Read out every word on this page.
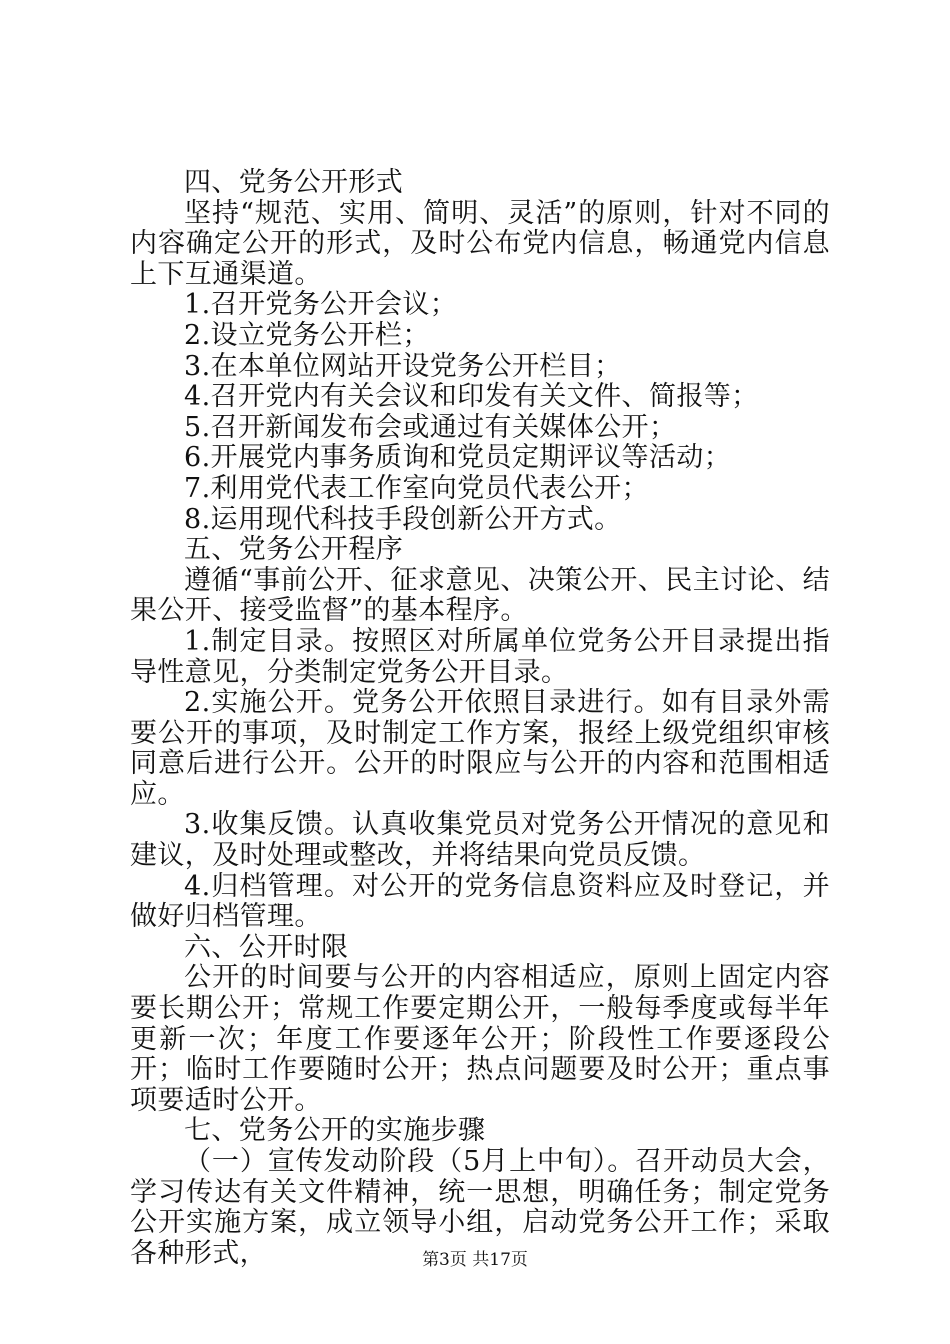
四、党务公开形式

坚持“规范、实用、简明、灵活”的原则，针对不同的内容确定公开的形式，及时公布党内信息，畅通党内信息上下互通渠道。

1.召开党务公开会议；

2.设立党务公开栏；

3.在本单位网站开设党务公开栏目；

4.召开党内有关会议和印发有关文件、简报等；

5.召开新闻发布会或通过有关媒体公开；

6.开展党内事务质询和党员定期评议等活动；

7.利用党代表工作室向党员代表公开；

8.运用现代科技手段创新公开方式。

五、党务公开程序

遵循“事前公开、征求意见、决策公开、民主讨论、结果公开、接受监督”的基本程序。

1.制定目录。按照区对所属单位党务公开目录提出指导性意见，分类制定党务公开目录。

2.实施公开。党务公开依照目录进行。如有目录外需要公开的事项，及时制定工作方案，报经上级党组织审核同意后进行公开。公开的时限应与公开的内容和范围相适应。

3.收集反馈。认真收集党员对党务公开情况的意见和建议，及时处理或整改，并将结果向党员反馈。

4.归档管理。对公开的党务信息资料应及时登记，并做好归档管理。

六、公开时限

公开的时间要与公开的内容相适应，原则上固定内容要长期公开；常规工作要定期公开，一般每季度或每半年更新一次；年度工作要逐年公开；阶段性工作要逐段公开；临时工作要随时公开；热点问题要及时公开；重点事项要适时公开。

七、党务公开的实施步骤

（一）宣传发动阶段（5月上中旬）。召开动员大会，学习传达有关文件精神，统一思想，明确任务；制定党务公开实施方案，成立领导小组，启动党务公开工作；采取各种形式，	第3页 共17页
